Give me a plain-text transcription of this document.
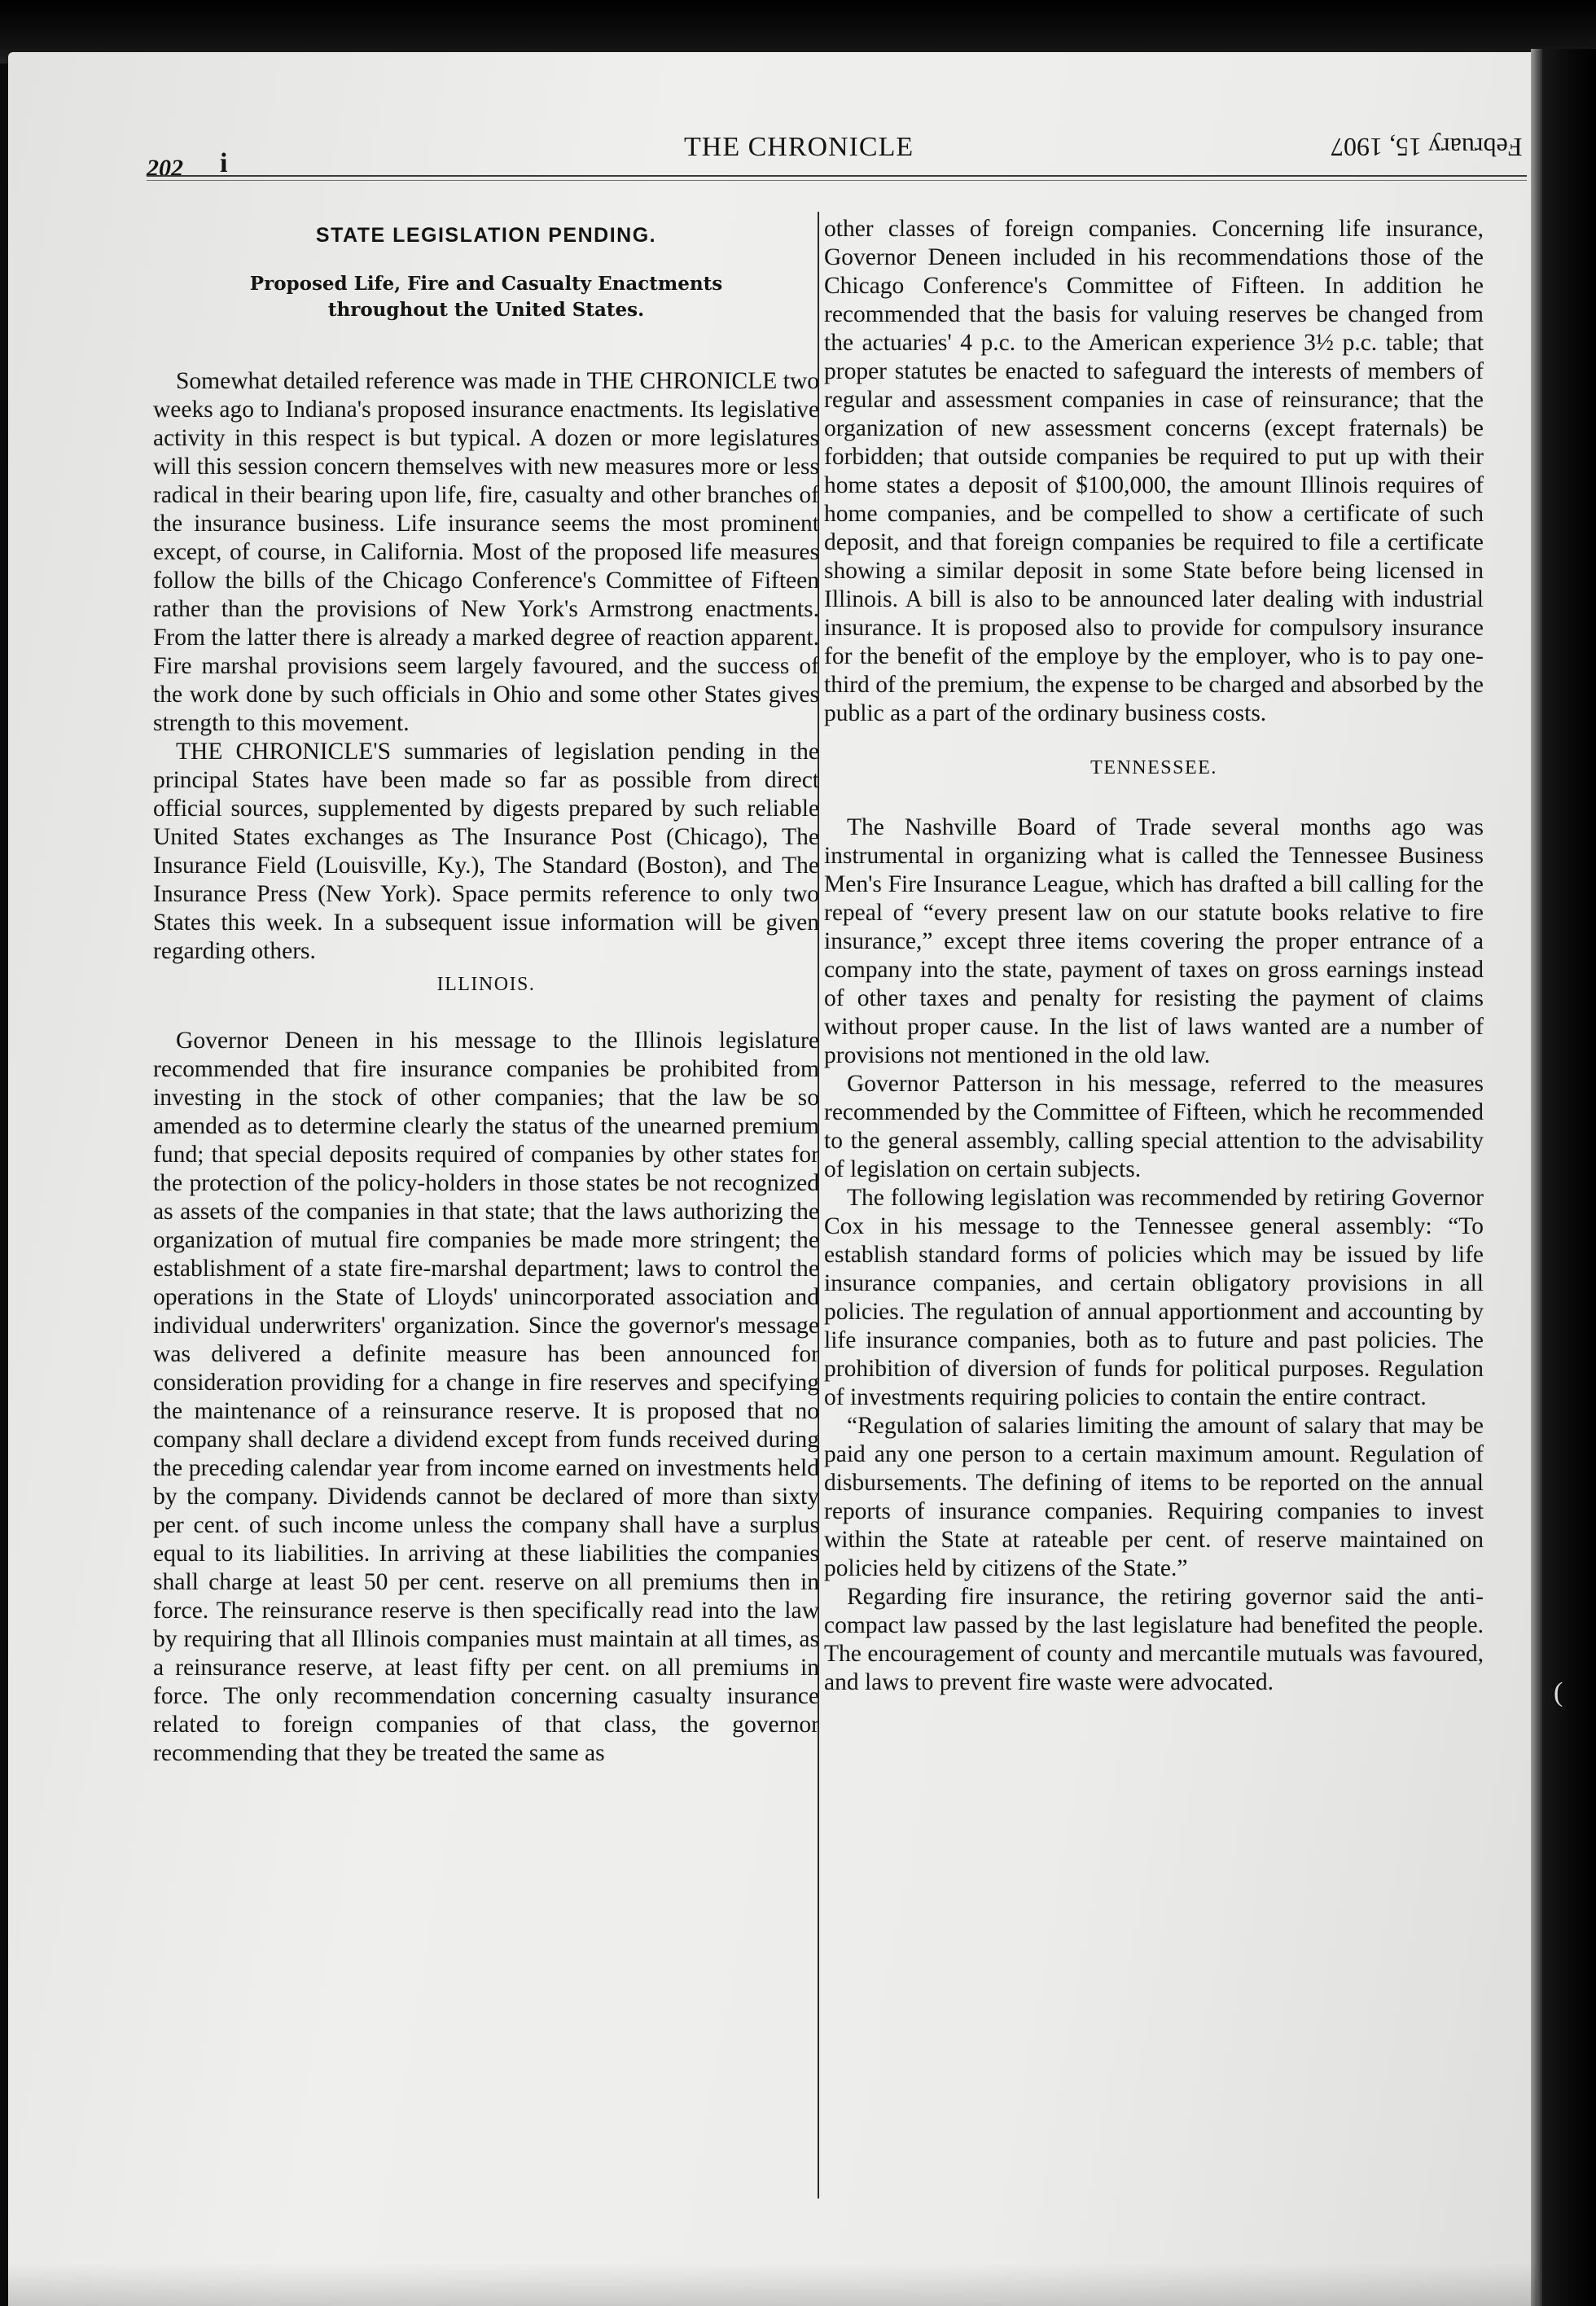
202 i
THE CHRONICLE	February 15, 1907
STATE LEGISLATION PENDING.
Proposed Life, Fire and Casualty Enactments
throughout the United States.

Somewhat detailed reference was made in THE CHRONICLE two weeks ago to Indiana's proposed insurance enactments. Its legislative activity in this respect is but typical. A dozen or more legislatures will this session concern themselves with new measures more or less radical in their bearing upon life, fire, casualty and other branches of the insurance business. Life insurance seems the most prominent except, of course, in California. Most of the proposed life measures follow the bills of the Chicago Conference's Committee of Fifteen rather than the provisions of New York's Armstrong enactments. From the latter there is already a marked degree of reaction apparent. Fire marshal provisions seem largely favoured, and the success of the work done by such officials in Ohio and some other States gives strength to this movement.

THE CHRONICLE'S summaries of legislation pending in the principal States have been made so far as possible from direct official sources, supplemented by digests prepared by such reliable United States exchanges as The Insurance Post (Chicago), The Insurance Field (Louisville, Ky.), The Standard (Boston), and The Insurance Press (New York). Space permits reference to only two States this week. In a subsequent issue information will be given regarding others.

ILLINOIS.

Governor Deneen in his message to the Illinois legislature recommended that fire insurance companies be prohibited from investing in the stock of other companies; that the law be so amended as to determine clearly the status of the unearned premium fund; that special deposits required of companies by other states for the protection of the policy-holders in those states be not recognized as assets of the companies in that state; that the laws authorizing the organization of mutual fire companies be made more stringent; the establishment of a state fire-marshal department; laws to control the operations in the State of Lloyds' unincorporated association and individual underwriters' organization. Since the governor's message was delivered a definite measure has been announced for consideration providing for a change in fire reserves and specifying the maintenance of a reinsurance reserve. It is proposed that no company shall declare a dividend except from funds received during the preceding calendar year from income earned on investments held by the company. Dividends cannot be declared of more than sixty per cent. of such income unless the company shall have a surplus equal to its liabilities. In arriving at these liabilities the companies shall charge at least 50 per cent. reserve on all premiums then in force. The reinsurance reserve is then specifically read into the law by requiring that all Illinois companies must maintain at all times, as a reinsurance reserve, at least fifty per cent. on all premiums in force. The only recommendation concerning casualty insurance related to foreign companies of that class, the governor recommending that they be treated the same as

other classes of foreign companies. Concerning life insurance, Governor Deneen included in his recommendations those of the Chicago Conference's Committee of Fifteen. In addition he recommended that the basis for valuing reserves be changed from the actuaries' 4 p.c. to the American experience 3½ p.c. table; that proper statutes be enacted to safeguard the interests of members of regular and assessment companies in case of reinsurance; that the organization of new assessment concerns (except fraternals) be forbidden; that outside companies be required to put up with their home states a deposit of $100,000, the amount Illinois requires of home companies, and be compelled to show a certificate of such deposit, and that foreign companies be required to file a certificate showing a similar deposit in some State before being licensed in Illinois. A bill is also to be announced later dealing with industrial insurance. It is proposed also to provide for compulsory insurance for the benefit of the employe by the employer, who is to pay one-third of the premium, the expense to be charged and absorbed by the public as a part of the ordinary business costs.

TENNESSEE.

The Nashville Board of Trade several months ago was instrumental in organizing what is called the Tennessee Business Men's Fire Insurance League, which has drafted a bill calling for the repeal of “every present law on our statute books relative to fire insurance,” except three items covering the proper entrance of a company into the state, payment of taxes on gross earnings instead of other taxes and penalty for resisting the payment of claims without proper cause. In the list of laws wanted are a number of provisions not mentioned in the old law.

Governor Patterson in his message, referred to the measures recommended by the Committee of Fifteen, which he recommended to the general assembly, calling special attention to the advisability of legislation on certain subjects.

The following legislation was recommended by retiring Governor Cox in his message to the Tennessee general assembly: “To establish standard forms of policies which may be issued by life insurance companies, and certain obligatory provisions in all policies. The regulation of annual apportionment and accounting by life insurance companies, both as to future and past policies. The prohibition of diversion of funds for political purposes. Regulation of investments requiring policies to contain the entire contract.

“Regulation of salaries limiting the amount of salary that may be paid any one person to a certain maximum amount. Regulation of disbursements. The defining of items to be reported on the annual reports of insurance companies. Requiring companies to invest within the State at rateable per cent. of reserve maintained on policies held by citizens of the State.”

Regarding fire insurance, the retiring governor said the anti-compact law passed by the last legislature had benefited the people. The encouragement of county and mercantile mutuals was favoured, and laws to prevent fire waste were advocated.	(
